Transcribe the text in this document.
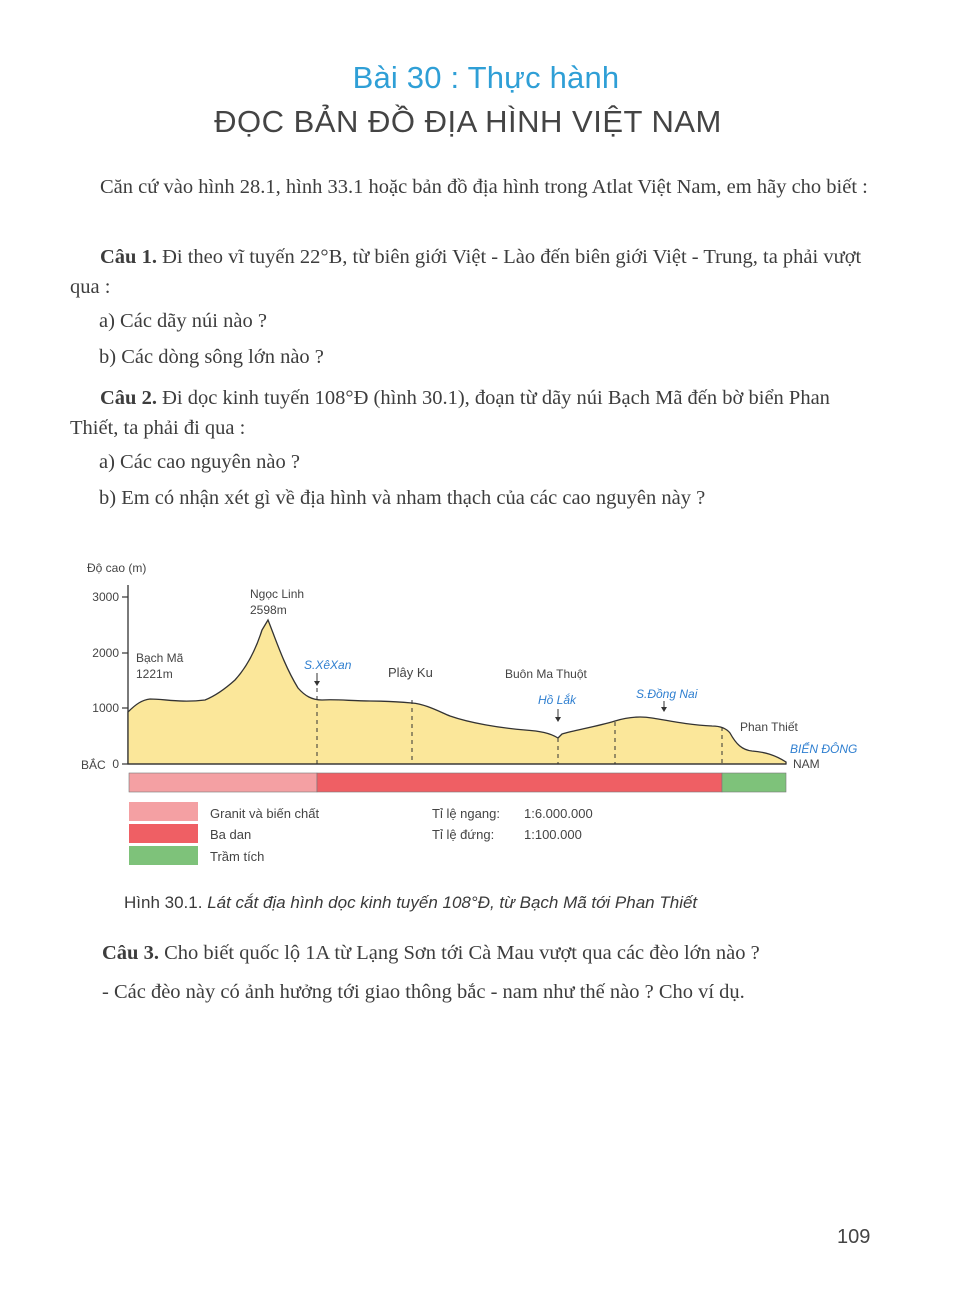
Bài 30 : Thực hành
ĐỌC BẢN ĐỒ ĐỊA HÌNH VIỆT NAM
Căn cứ vào hình 28.1, hình 33.1 hoặc bản đồ địa hình trong Atlat Việt Nam, em hãy cho biết :
Câu 1. Đi theo vĩ tuyến 22°B, từ biên giới Việt - Lào đến biên giới Việt - Trung, ta phải vượt qua :
a) Các dãy núi nào ?
b) Các dòng sông lớn nào ?
Câu 2. Đi dọc kinh tuyến 108°Đ (hình 30.1), đoạn từ dãy núi Bạch Mã đến bờ biển Phan Thiết, ta phải đi qua :
a) Các cao nguyên nào ?
b) Em có nhận xét gì về địa hình và nham thạch của các cao nguyên này ?
Độ cao (m)
3000
2000
1000
0
BẮC
Bạch Mã
1221m
Ngọc Linh
2598m
S.XêXan	Plây Ku	Buôn Ma Thuột
Hồ Lắk	S.Đồng Nai
Phan Thiết
BIỂN ĐÔNG
NAM
Granit và biến chất
Ba dan
Trầm tích
Tỉ lệ ngang: 1:6.000.000
Tỉ lệ đứng: 1:100.000
Hình 30.1. Lát cắt địa hình dọc kinh tuyến 108°Đ, từ Bạch Mã tới Phan Thiết
Câu 3. Cho biết quốc lộ 1A từ Lạng Sơn tới Cà Mau vượt qua các đèo lớn nào ?
- Các đèo này có ảnh hưởng tới giao thông bắc - nam như thế nào ? Cho ví dụ.
109
